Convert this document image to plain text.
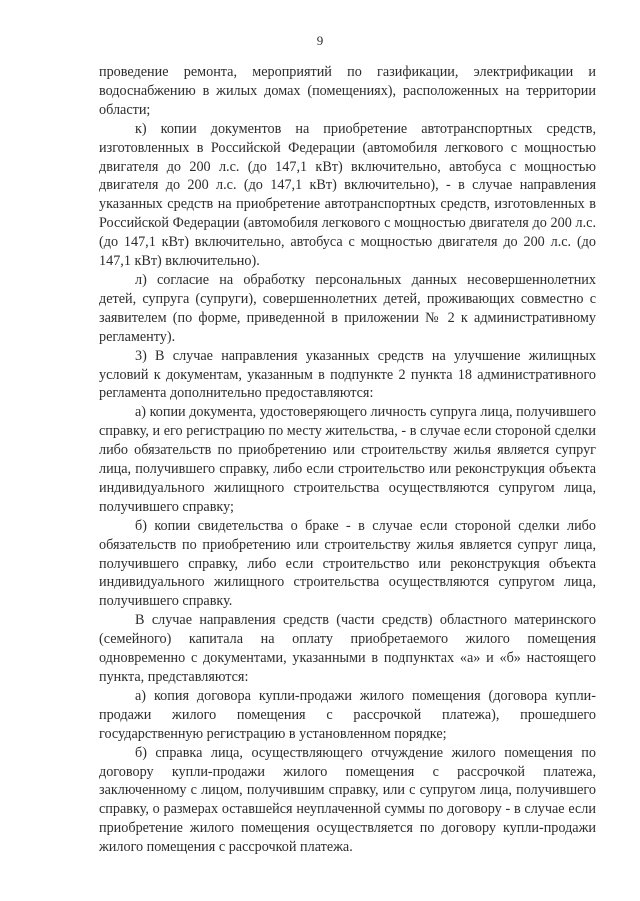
9

проведение ремонта, мероприятий по газификации, электрификации и водоснабжению в жилых домах (помещениях), расположенных на территории области;

к) копии документов на приобретение автотранспортных средств, изготовленных в Российской Федерации (автомобиля легкового с мощностью двигателя до 200 л.с. (до 147,1 кВт) включительно, автобуса с мощностью двигателя до 200 л.с. (до 147,1 кВт) включительно), - в случае направления указанных средств на приобретение автотранспортных средств, изготовленных в Российской Федерации (автомобиля легкового с мощностью двигателя до 200 л.с. (до 147,1 кВт) включительно, автобуса с мощностью двигателя до 200 л.с. (до 147,1 кВт) включительно).

л) согласие на обработку персональных данных несовершеннолетних детей, супруга (супруги), совершеннолетних детей, проживающих совместно с заявителем (по форме, приведенной в приложении № 2 к административному регламенту).

3) В случае направления указанных средств на улучшение жилищных условий к документам, указанным в подпункте 2 пункта 18 административного регламента дополнительно предоставляются:

а) копии документа, удостоверяющего личность супруга лица, получившего справку, и его регистрацию по месту жительства, - в случае если стороной сделки либо обязательств по приобретению или строительству жилья является супруг лица, получившего справку, либо если строительство или реконструкция объекта индивидуального жилищного строительства осуществляются супругом лица, получившего справку;

б) копии свидетельства о браке - в случае если стороной сделки либо обязательств по приобретению или строительству жилья является супруг лица, получившего справку, либо если строительство или реконструкция объекта индивидуального жилищного строительства осуществляются супругом лица, получившего справку.

В случае направления средств (части средств) областного материнского (семейного) капитала на оплату приобретаемого жилого помещения одновременно с документами, указанными в подпунктах «а» и «б» настоящего пункта, представляются:

а) копия договора купли-продажи жилого помещения (договора купли-продажи жилого помещения с рассрочкой платежа), прошедшего государственную регистрацию в установленном порядке;

б) справка лица, осуществляющего отчуждение жилого помещения по договору купли-продажи жилого помещения с рассрочкой платежа, заключенному с лицом, получившим справку, или с супругом лица, получившего справку, о размерах оставшейся неуплаченной суммы по договору - в случае если приобретение жилого помещения осуществляется по договору купли-продажи жилого помещения с рассрочкой платежа.
